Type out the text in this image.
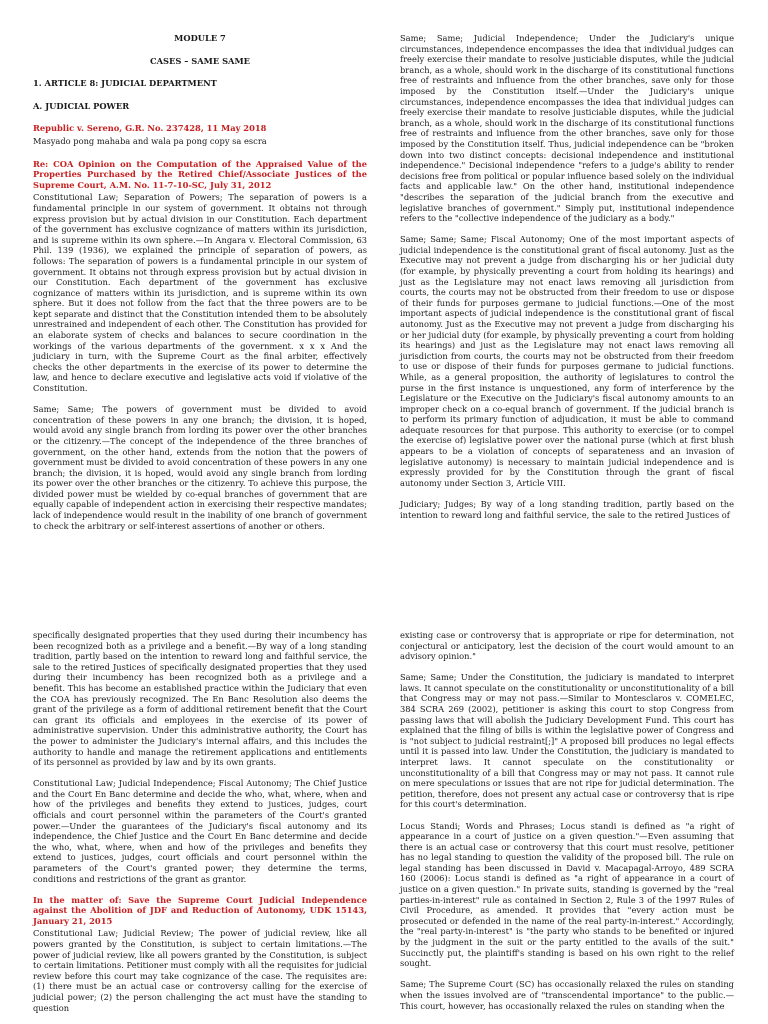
MODULE 7
CASES – SAME SAME
1. ARTICLE 8: JUDICIAL DEPARTMENT
A. JUDICIAL POWER
Republic v. Sereno, G.R. No. 237428, 11 May 2018
Masyado pong mahaba and wala pa pong copy sa escra
Re: COA Opinion on the Computation of the Appraised Value of the Properties Purchased by the Retired Chief/Associate Justices of the Supreme Court, A.M. No. 11-7-10-SC, July 31, 2012

Constitutional Law; Separation of Powers; The separation of powers is a fundamental principle in our system of government. It obtains not through express provision but by actual division in our Constitution. Each department of the government has exclusive cognizance of matters within its jurisdiction, and is supreme within its own sphere.—In Angara v. Electoral Commission, 63 Phil. 139 (1936), we explained the principle of separation of powers, as follows: The separation of powers is a fundamental principle in our system of government. It obtains not through express provision but by actual division in our Constitution. Each department of the government has exclusive cognizance of matters within its jurisdiction, and is supreme within its own sphere. But it does not follow from the fact that the three powers are to be kept separate and distinct that the Constitution intended them to be absolutely unrestrained and independent of each other. The Constitution has provided for an elaborate system of checks and balances to secure coordination in the workings of the various departments of the government. x x x And the judiciary in turn, with the Supreme Court as the final arbiter, effectively checks the other departments in the exercise of its power to determine the law, and hence to declare executive and legislative acts void if violative of the Constitution.

Same; Same; The powers of government must be divided to avoid concentration of these powers in any one branch; the division, it is hoped, would avoid any single branch from lording its power over the other branches or the citizenry.—The concept of the independence of the three branches of government, on the other hand, extends from the notion that the powers of government must be divided to avoid concentration of these powers in any one branch; the division, it is hoped, would avoid any single branch from lording its power over the other branches or the citizenry. To achieve this purpose, the divided power must be wielded by co-equal branches of government that are equally capable of independent action in exercising their respective mandates; lack of independence would result in the inability of one branch of government to check the arbitrary or self-interest assertions of another or others.

Same; Same; Judicial Independence; Under the Judiciary's unique circumstances, independence encompasses the idea that individual judges can freely exercise their mandate to resolve justiciable disputes, while the judicial branch, as a whole, should work in the discharge of its constitutional functions free of restraints and influence from the other branches, save only for those imposed by the Constitution itself.—Under the Judiciary's unique circumstances, independence encompasses the idea that individual judges can freely exercise their mandate to resolve justiciable disputes, while the judicial branch, as a whole, should work in the discharge of its constitutional functions free of restraints and influence from the other branches, save only for those imposed by the Constitution itself. Thus, judicial independence can be "broken down into two distinct concepts: decisional independence and institutional independence." Decisional independence "refers to a judge's ability to render decisions free from political or popular influence based solely on the individual facts and applicable law." On the other hand, institutional independence "describes the separation of the judicial branch from the executive and legislative branches of government." Simply put, institutional independence refers to the "collective independence of the judiciary as a body."

Same; Same; Same; Fiscal Autonomy; One of the most important aspects of judicial independence is the constitutional grant of fiscal autonomy. Just as the Executive may not prevent a judge from discharging his or her judicial duty (for example, by physically preventing a court from holding its hearings) and just as the Legislature may not enact laws removing all jurisdiction from courts, the courts may not be obstructed from their freedom to use or dispose of their funds for purposes germane to judicial functions.—One of the most important aspects of judicial independence is the constitutional grant of fiscal autonomy. Just as the Executive may not prevent a judge from discharging his or her judicial duty (for example, by physically preventing a court from holding its hearings) and just as the Legislature may not enact laws removing all jurisdiction from courts, the courts may not be obstructed from their freedom to use or dispose of their funds for purposes germane to judicial functions. While, as a general proposition, the authority of legislatures to control the purse in the first instance is unquestioned, any form of interference by the Legislature or the Executive on the Judiciary's fiscal autonomy amounts to an improper check on a co-equal branch of government. If the judicial branch is to perform its primary function of adjudication, it must be able to command adequate resources for that purpose. This authority to exercise (or to compel the exercise of) legislative power over the national purse (which at first blush appears to be a violation of concepts of separateness and an invasion of legislative autonomy) is necessary to maintain judicial independence and is expressly provided for by the Constitution through the grant of fiscal autonomy under Section 3, Article VIII.

Judiciary; Judges; By way of a long standing tradition, partly based on the intention to reward long and faithful service, the sale to the retired Justices of

specifically designated properties that they used during their incumbency has been recognized both as a privilege and a benefit.—By way of a long standing tradition, partly based on the intention to reward long and faithful service, the sale to the retired Justices of specifically designated properties that they used during their incumbency has been recognized both as a privilege and a benefit. This has become an established practice within the Judiciary that even the COA has previously recognized. The En Banc Resolution also deems the grant of the privilege as a form of additional retirement benefit that the Court can grant its officials and employees in the exercise of its power of administrative supervision. Under this administrative authority, the Court has the power to administer the Judiciary's internal affairs, and this includes the authority to handle and manage the retirement applications and entitlements of its personnel as provided by law and by its own grants.

Constitutional Law; Judicial Independence; Fiscal Autonomy; The Chief Justice and the Court En Banc determine and decide the who, what, where, when and how of the privileges and benefits they extend to justices, judges, court officials and court personnel within the parameters of the Court's granted power.—Under the guarantees of the Judiciary's fiscal autonomy and its independence, the Chief Justice and the Court En Banc determine and decide the who, what, where, when and how of the privileges and benefits they extend to justices, judges, court officials and court personnel within the parameters of the Court's granted power; they determine the terms, conditions and restrictions of the grant as grantor.

In the matter of: Save the Supreme Court Judicial Independence against the Abolition of JDF and Reduction of Autonomy, UDK 15143, January 21, 2015

Constitutional Law; Judicial Review; The power of judicial review, like all powers granted by the Constitution, is subject to certain limitations.—The power of judicial review, like all powers granted by the Constitution, is subject to certain limitations. Petitioner must comply with all the requisites for judicial review before this court may take cognizance of the case. The requisites are: (1) there must be an actual case or controversy calling for the exercise of judicial power; (2) the person challenging the act must have the standing to question

existing case or controversy that is appropriate or ripe for determination, not conjectural or anticipatory, lest the decision of the court would amount to an advisory opinion."

Same; Same; Under the Constitution, the judiciary is mandated to interpret laws. It cannot speculate on the constitutionality or unconstitutionality of a bill that Congress may or may not pass.—Similar to Montesclaros v. COMELEC, 384 SCRA 269 (2002), petitioner is asking this court to stop Congress from passing laws that will abolish the Judiciary Development Fund. This court has explained that the filing of bills is within the legislative power of Congress and is "not subject to judicial restraint[;]" A proposed bill produces no legal effects until it is passed into law. Under the Constitution, the judiciary is mandated to interpret laws. It cannot speculate on the constitutionality or unconstitutionality of a bill that Congress may or may not pass. It cannot rule on mere speculations or issues that are not ripe for judicial determination. The petition, therefore, does not present any actual case or controversy that is ripe for this court's determination.

Locus Standi; Words and Phrases; Locus standi is defined as "a right of appearance in a court of justice on a given question."—Even assuming that there is an actual case or controversy that this court must resolve, petitioner has no legal standing to question the validity of the proposed bill. The rule on legal standing has been discussed in David v. Macapagal-Arroyo, 489 SCRA 160 (2006): Locus standi is defined as "a right of appearance in a court of justice on a given question." In private suits, standing is governed by the "real parties-in-interest" rule as contained in Section 2, Rule 3 of the 1997 Rules of Civil Procedure, as amended. It provides that "every action must be prosecuted or defended in the name of the real party-in-interest." Accordingly, the "real party-in-interest" is "the party who stands to be benefited or injured by the judgment in the suit or the party entitled to the avails of the suit." Succinctly put, the plaintiff's standing is based on his own right to the relief sought.

Same; The Supreme Court (SC) has occasionally relaxed the rules on standing when the issues involved are of "transcendental importance" to the public.—This court, however, has occasionally relaxed the rules on standing when the
